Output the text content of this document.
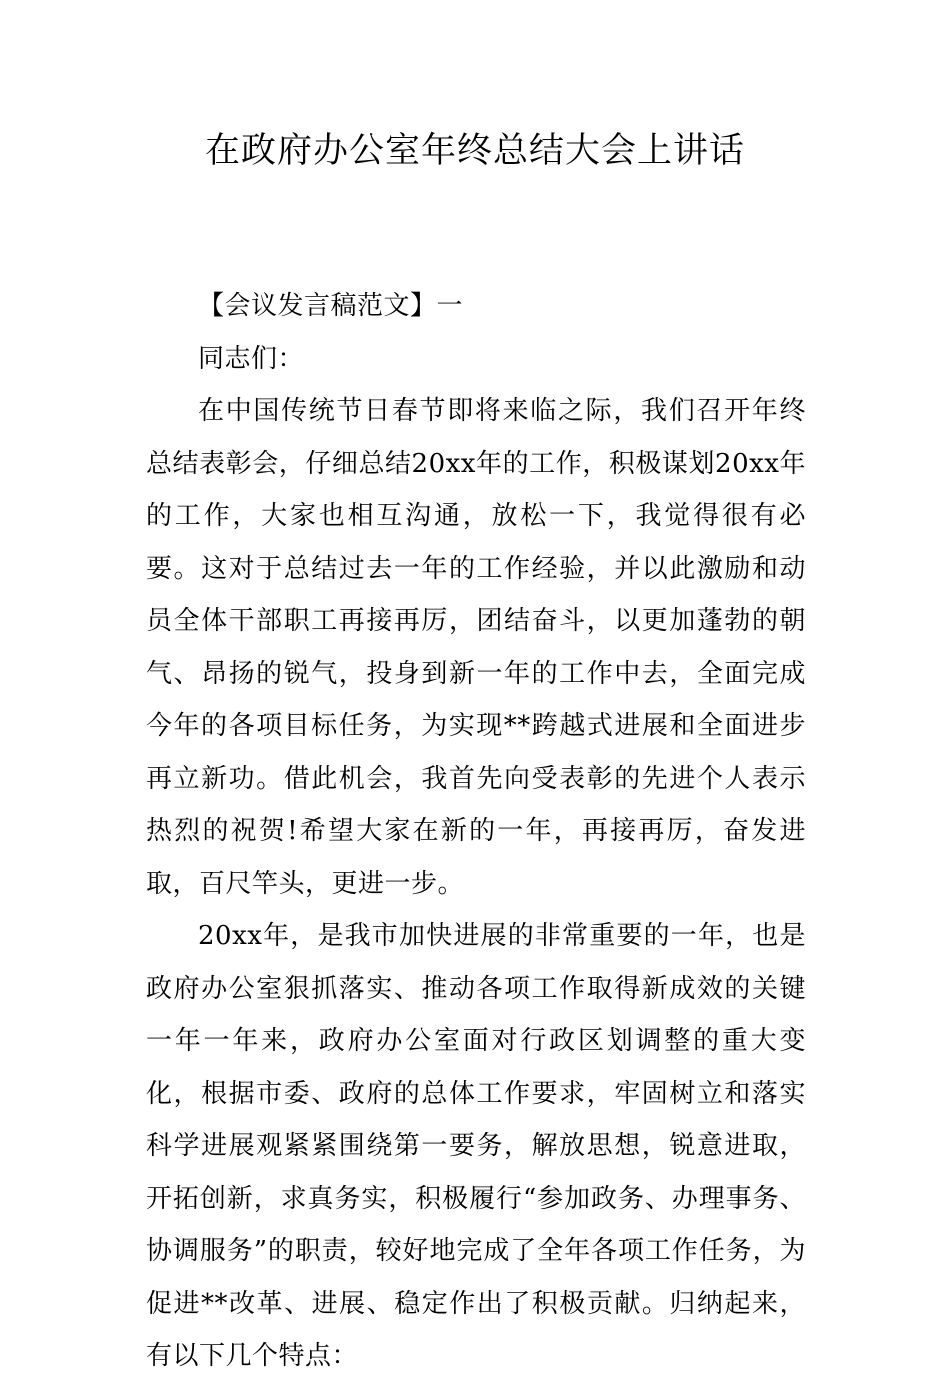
在政府办公室年终总结大会上讲话

【会议发言稿范文】一

同志们：

在中国传统节日春节即将来临之际，我们召开年终总结表彰会，仔细总结20xx年的工作，积极谋划20xx年的工作，大家也相互沟通，放松一下，我觉得很有必要。这对于总结过去一年的工作经验，并以此激励和动员全体干部职工再接再厉，团结奋斗，以更加蓬勃的朝气、昂扬的锐气，投身到新一年的工作中去，全面完成今年的各项目标任务，为实现**跨越式进展和全面进步再立新功。借此机会，我首先向受表彰的先进个人表示热烈的祝贺!希望大家在新的一年，再接再厉，奋发进取，百尺竿头，更进一步。

20xx年，是我市加快进展的非常重要的一年，也是政府办公室狠抓落实、推动各项工作取得新成效的关键一年一年来，政府办公室面对行政区划调整的重大变化，根据市委、政府的总体工作要求，牢固树立和落实科学进展观紧紧围绕第一要务，解放思想，锐意进取，开拓创新，求真务实，积极履行“参加政务、办理事务、协调服务”的职责，较好地完成了全年各项工作任务，为促进**改革、进展、稳定作出了积极贡献。归纳起来，有以下几个特点：
